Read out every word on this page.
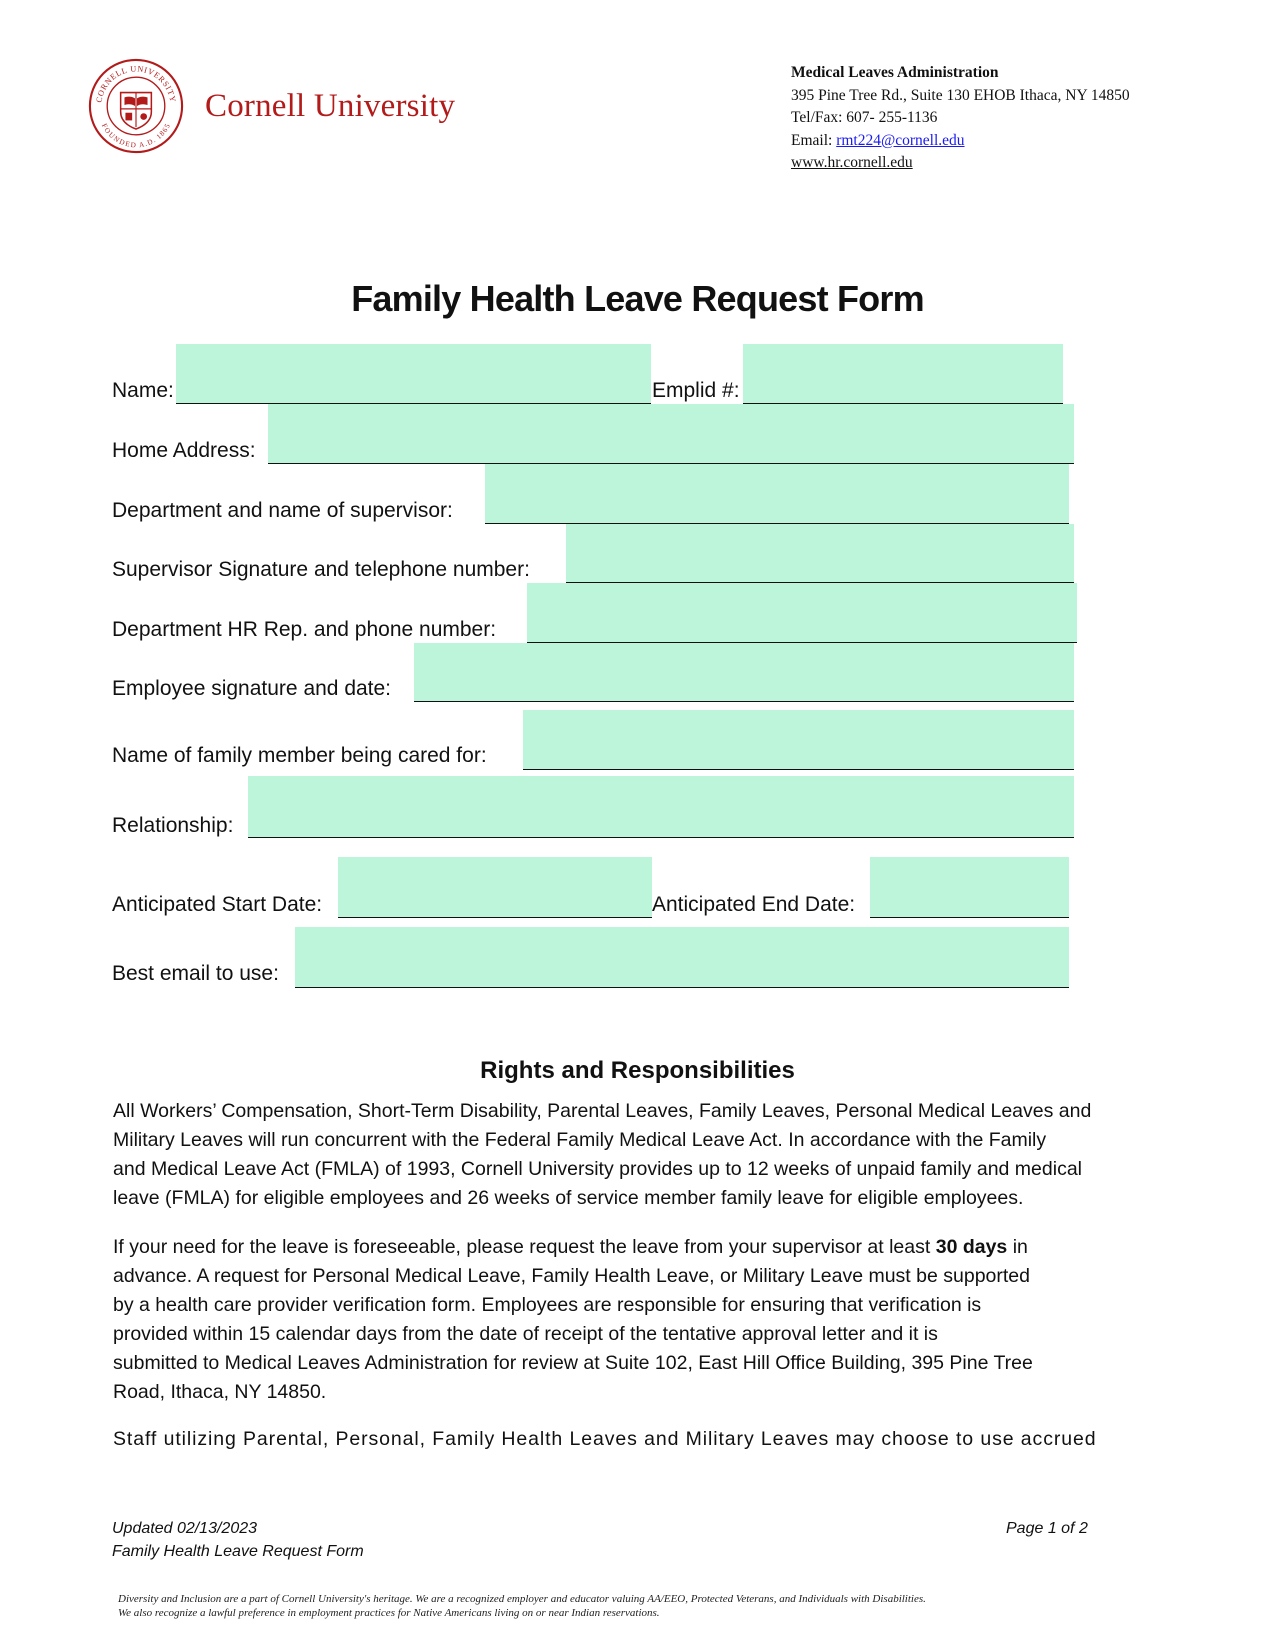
CORNELL UNIVERSITY
FOUNDED A.D. 1865
Cornell University
Medical Leaves Administration
395 Pine Tree Rd., Suite 130 EHOB Ithaca, NY 14850
Tel/Fax: 607- 255-1136
Email: rmt224@cornell.edu
www.hr.cornell.edu
Family Health Leave Request Form
Name:	Emplid #:
Home Address:
Department and name of supervisor:
Supervisor Signature and telephone number:
Department HR Rep. and phone number:
Employee signature and date:
Name of family member being cared for:
Relationship:
Anticipated Start Date:	Anticipated End Date:
Best email to use:
Rights and Responsibilities
All Workers’ Compensation, Short-Term Disability, Parental Leaves, Family Leaves, Personal Medical Leaves and
Military Leaves will run concurrent with the Federal Family Medical Leave Act. In accordance with the Family
and Medical Leave Act (FMLA) of 1993, Cornell University provides up to 12 weeks of unpaid family and medical
leave (FMLA) for eligible employees and 26 weeks of service member family leave for eligible employees.
If your need for the leave is foreseeable, please request the leave from your supervisor at least 30 days in
advance. A request for Personal Medical Leave, Family Health Leave, or Military Leave must be supported
by a health care provider verification form. Employees are responsible for ensuring that verification is
provided within 15 calendar days from the date of receipt of the tentative approval letter and it is
submitted to Medical Leaves Administration for review at Suite 102, East Hill Office Building, 395 Pine Tree
Road, Ithaca, NY 14850.
Staff utilizing Parental, Personal, Family Health Leaves and Military Leaves may choose to use accrued
Updated 02/13/2023
Family Health Leave Request Form
Page 1 of 2
Diversity and Inclusion are a part of Cornell University's heritage. We are a recognized employer and educator valuing AA/EEO, Protected Veterans, and Individuals with Disabilities.
We also recognize a lawful preference in employment practices for Native Americans living on or near Indian reservations.
